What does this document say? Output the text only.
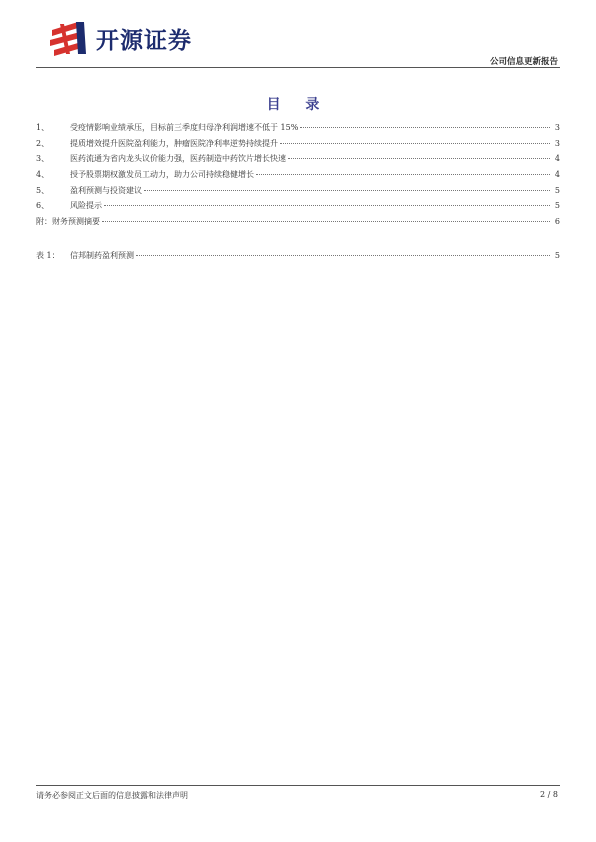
开源证券
公司信息更新报告
目 录
1、	受疫情影响业绩承压，目标前三季度归母净利润增速不低于 15%	3
2、	提质增效提升医院盈利能力，肿瘤医院净利率逆势持续提升	3
3、	医药流通为省内龙头议价能力强，医药制造中药饮片增长快速	4
4、	授予股票期权激发员工动力，助力公司持续稳健增长	4
5、	盈利预测与投资建议	5
6、	风险提示	5
附：财务预测摘要	6
表 1：	信邦制药盈利预测	5
请务必参阅正文后面的信息披露和法律声明	2 / 8
